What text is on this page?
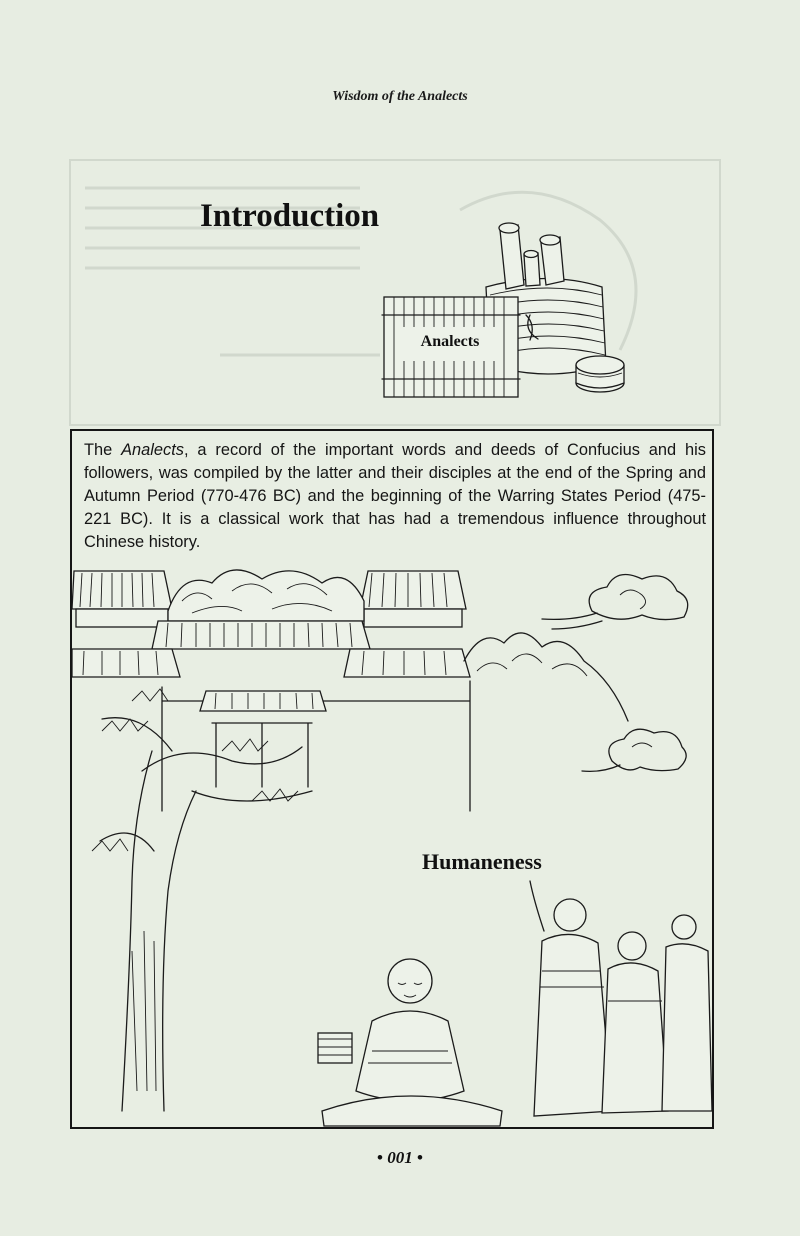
Wisdom of the Analects
Introduction
Analects

The Analects, a record of the important words and deeds of Confucius and his followers, was compiled by the latter and their disciples at the end of the Spring and Autumn Period (770-476 BC) and the beginning of the Warring States Period (475-221 BC). It is a classical work that has had a tremendous influence throughout Chinese history.

Humaneness
• 001 •
